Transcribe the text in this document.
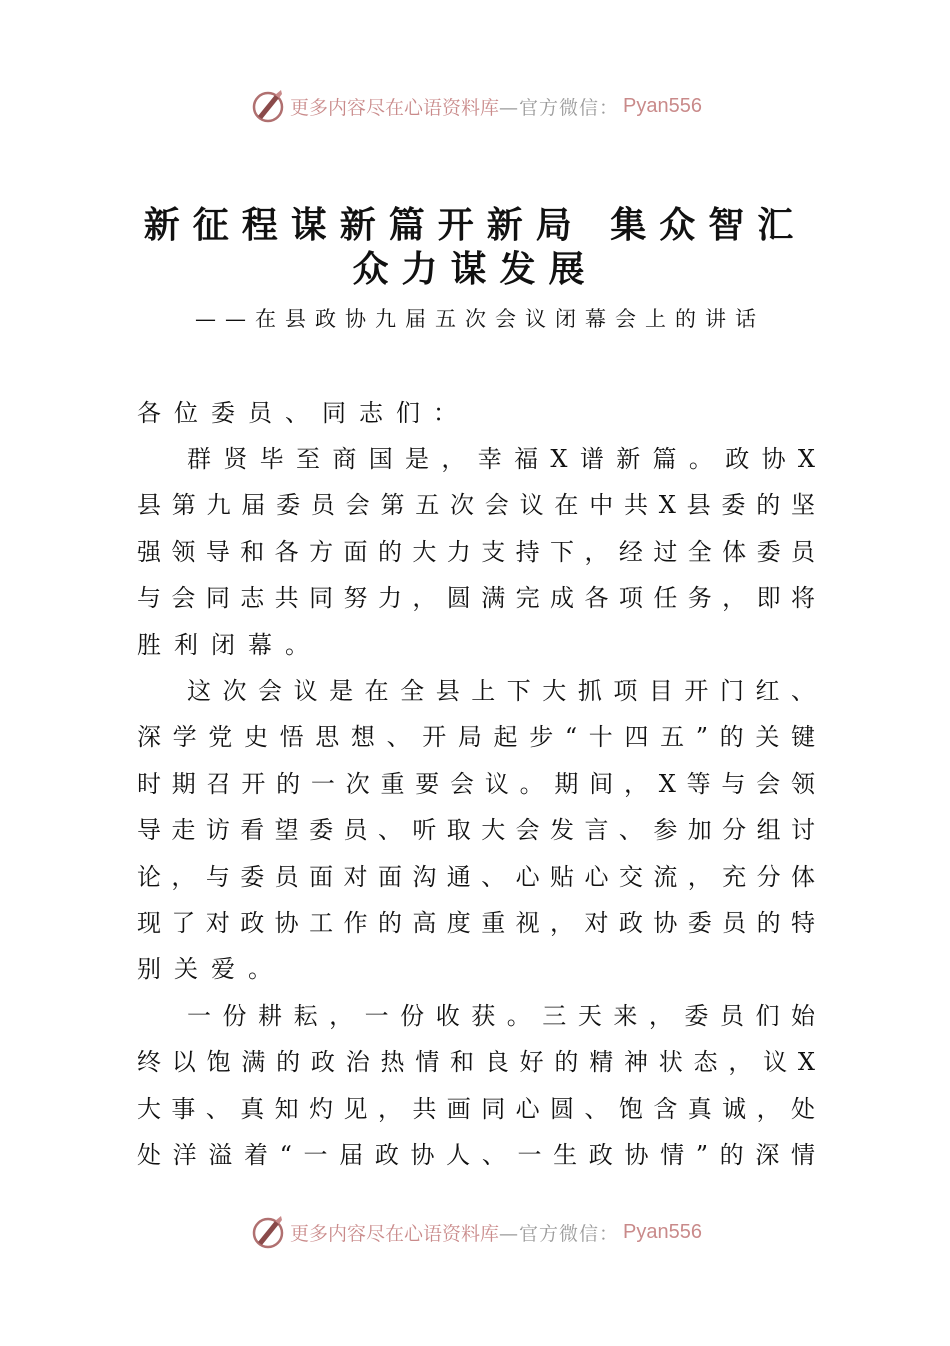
更多内容尽在心语资料库 —官方微信： Pyan556
新征程谋新篇开新局 集众智汇
众力谋发展
——在县政协九届五次会议闭幕会上的讲话
各位委员、同志们：
群贤毕至商国是，幸福X谱新篇。政协X
县第九届委员会第五次会议在中共X县委的坚
强领导和各方面的大力支持下，经过全体委员
与会同志共同努力，圆满完成各项任务，即将
胜利闭幕。
这次会议是在全县上下大抓项目开门红、
深学党史悟思想、开局起步“十四五”的关键
时期召开的一次重要会议。期间，X等与会领
导走访看望委员、听取大会发言、参加分组讨
论，与委员面对面沟通、心贴心交流，充分体
现了对政协工作的高度重视，对政协委员的特
别关爱。
一份耕耘，一份收获。三天来，委员们始
终以饱满的政治热情和良好的精神状态，议X
大事、真知灼见，共画同心圆、饱含真诚，处
处洋溢着“一届政协人、一生政协情”的深情
更多内容尽在心语资料库 —官方微信： Pyan556
